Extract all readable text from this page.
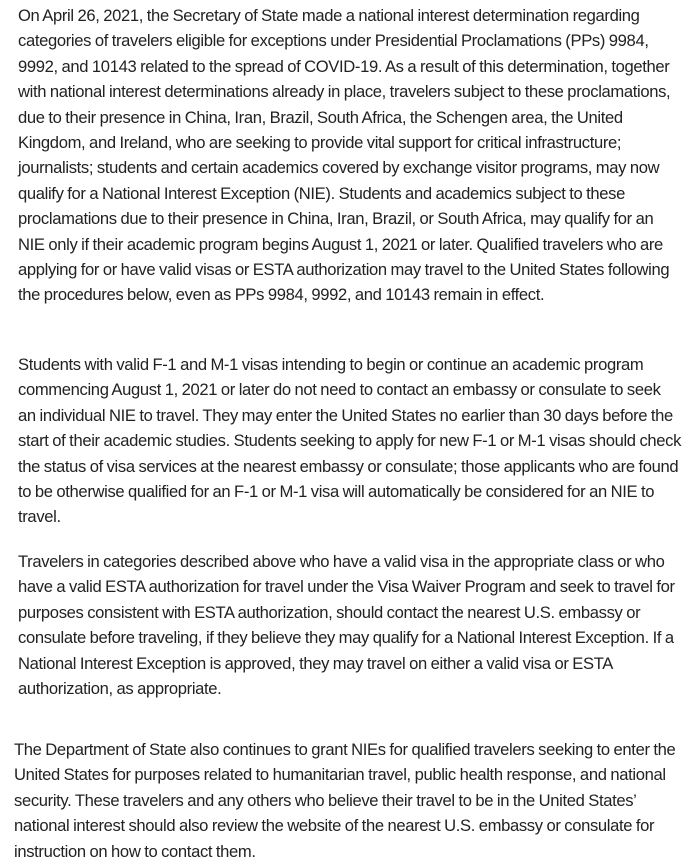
On April 26, 2021, the Secretary of State made a national interest determination regarding categories of travelers eligible for exceptions under Presidential Proclamations (PPs) 9984, 9992, and 10143 related to the spread of COVID-19. As a result of this determination, together with national interest determinations already in place, travelers subject to these proclamations, due to their presence in China, Iran, Brazil, South Africa, the Schengen area, the United Kingdom, and Ireland, who are seeking to provide vital support for critical infrastructure; journalists; students and certain academics covered by exchange visitor programs, may now qualify for a National Interest Exception (NIE). Students and academics subject to these proclamations due to their presence in China, Iran, Brazil, or South Africa, may qualify for an NIE only if their academic program begins August 1, 2021 or later. Qualified travelers who are applying for or have valid visas or ESTA authorization may travel to the United States following the procedures below, even as PPs 9984, 9992, and 10143 remain in effect.

Students with valid F-1 and M-1 visas intending to begin or continue an academic program commencing August 1, 2021 or later do not need to contact an embassy or consulate to seek an individual NIE to travel. They may enter the United States no earlier than 30 days before the start of their academic studies. Students seeking to apply for new F-1 or M-1 visas should check the status of visa services at the nearest embassy or consulate; those applicants who are found to be otherwise qualified for an F-1 or M-1 visa will automatically be considered for an NIE to travel.

Travelers in categories described above who have a valid visa in the appropriate class or who have a valid ESTA authorization for travel under the Visa Waiver Program and seek to travel for purposes consistent with ESTA authorization, should contact the nearest U.S. embassy or consulate before traveling, if they believe they may qualify for a National Interest Exception. If a National Interest Exception is approved, they may travel on either a valid visa or ESTA authorization, as appropriate.

The Department of State also continues to grant NIEs for qualified travelers seeking to enter the United States for purposes related to humanitarian travel, public health response, and national security. These travelers and any others who believe their travel to be in the United States’ national interest should also review the website of the nearest U.S. embassy or consulate for instruction on how to contact them.
